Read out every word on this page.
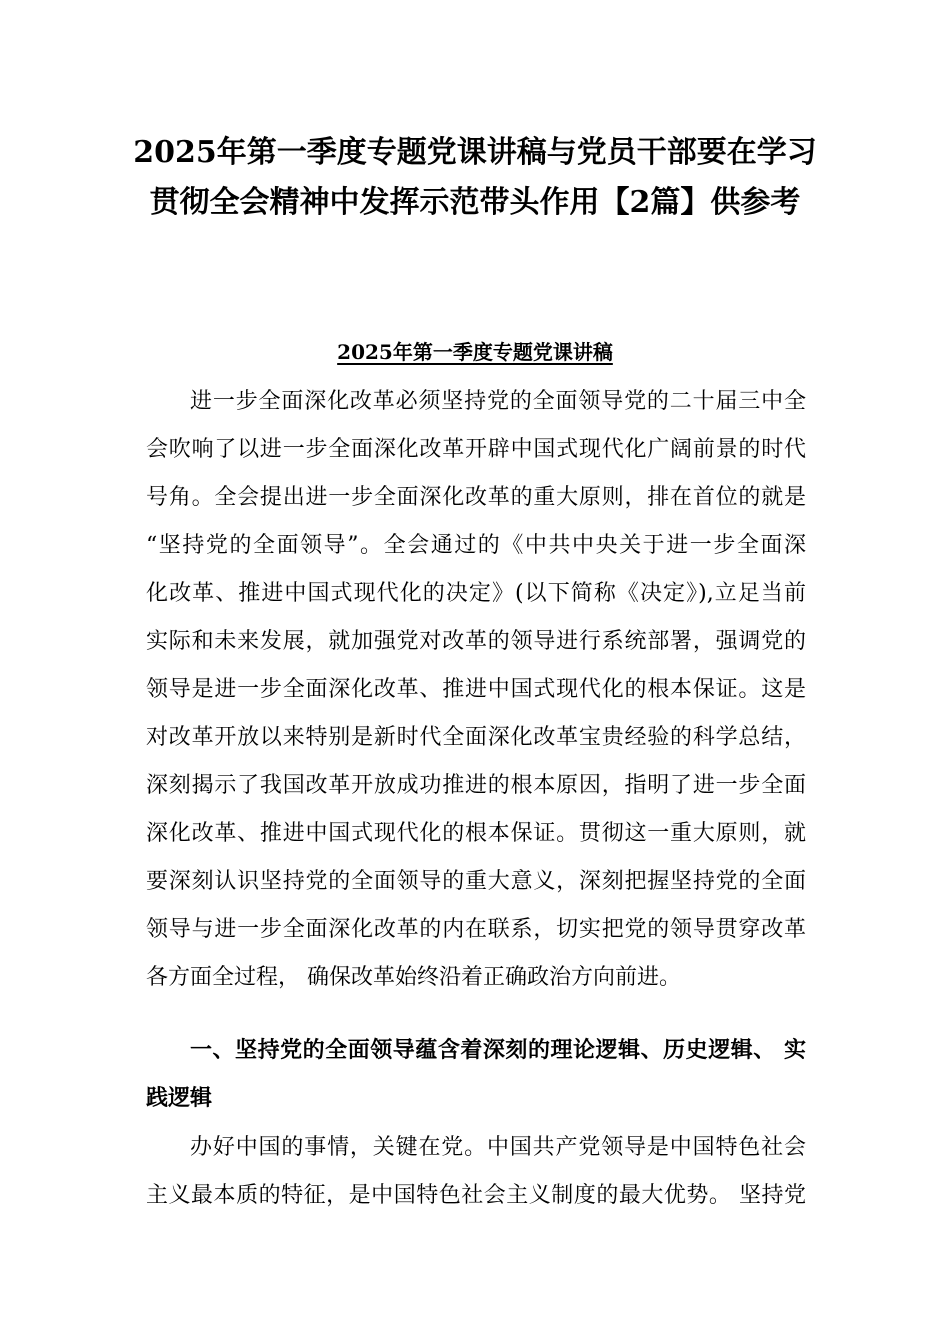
2025年第一季度专题党课讲稿与党员干部要在学习
贯彻全会精神中发挥示范带头作用【2篇】供参考
2025年第一季度专题党课讲稿
进一步全面深化改革必须坚持党的全面领导党的二十届三中全
会吹响了以进一步全面深化改革开辟中国式现代化广阔前景的时代
号角。全会提出进一步全面深化改革的重大原则，排在首位的就是
“坚持党的全面领导”。全会通过的《中共中央关于进一步全面深
化改革、推进中国式现代化的决定》(以下简称《决定》),立足当前
实际和未来发展，就加强党对改革的领导进行系统部署，强调党的
领导是进一步全面深化改革、推进中国式现代化的根本保证。这是
对改革开放以来特别是新时代全面深化改革宝贵经验的科学总结，
深刻揭示了我国改革开放成功推进的根本原因，指明了进一步全面
深化改革、推进中国式现代化的根本保证。贯彻这一重大原则，就
要深刻认识坚持党的全面领导的重大意义，深刻把握坚持党的全面
领导与进一步全面深化改革的内在联系，切实把党的领导贯穿改革
各方面全过程， 确保改革始终沿着正确政治方向前进。
一、坚持党的全面领导蕴含着深刻的理论逻辑、历史逻辑、 实
践逻辑
办好中国的事情，关键在党。中国共产党领导是中国特色社会
主义最本质的特征，是中国特色社会主义制度的最大优势。 坚持党
